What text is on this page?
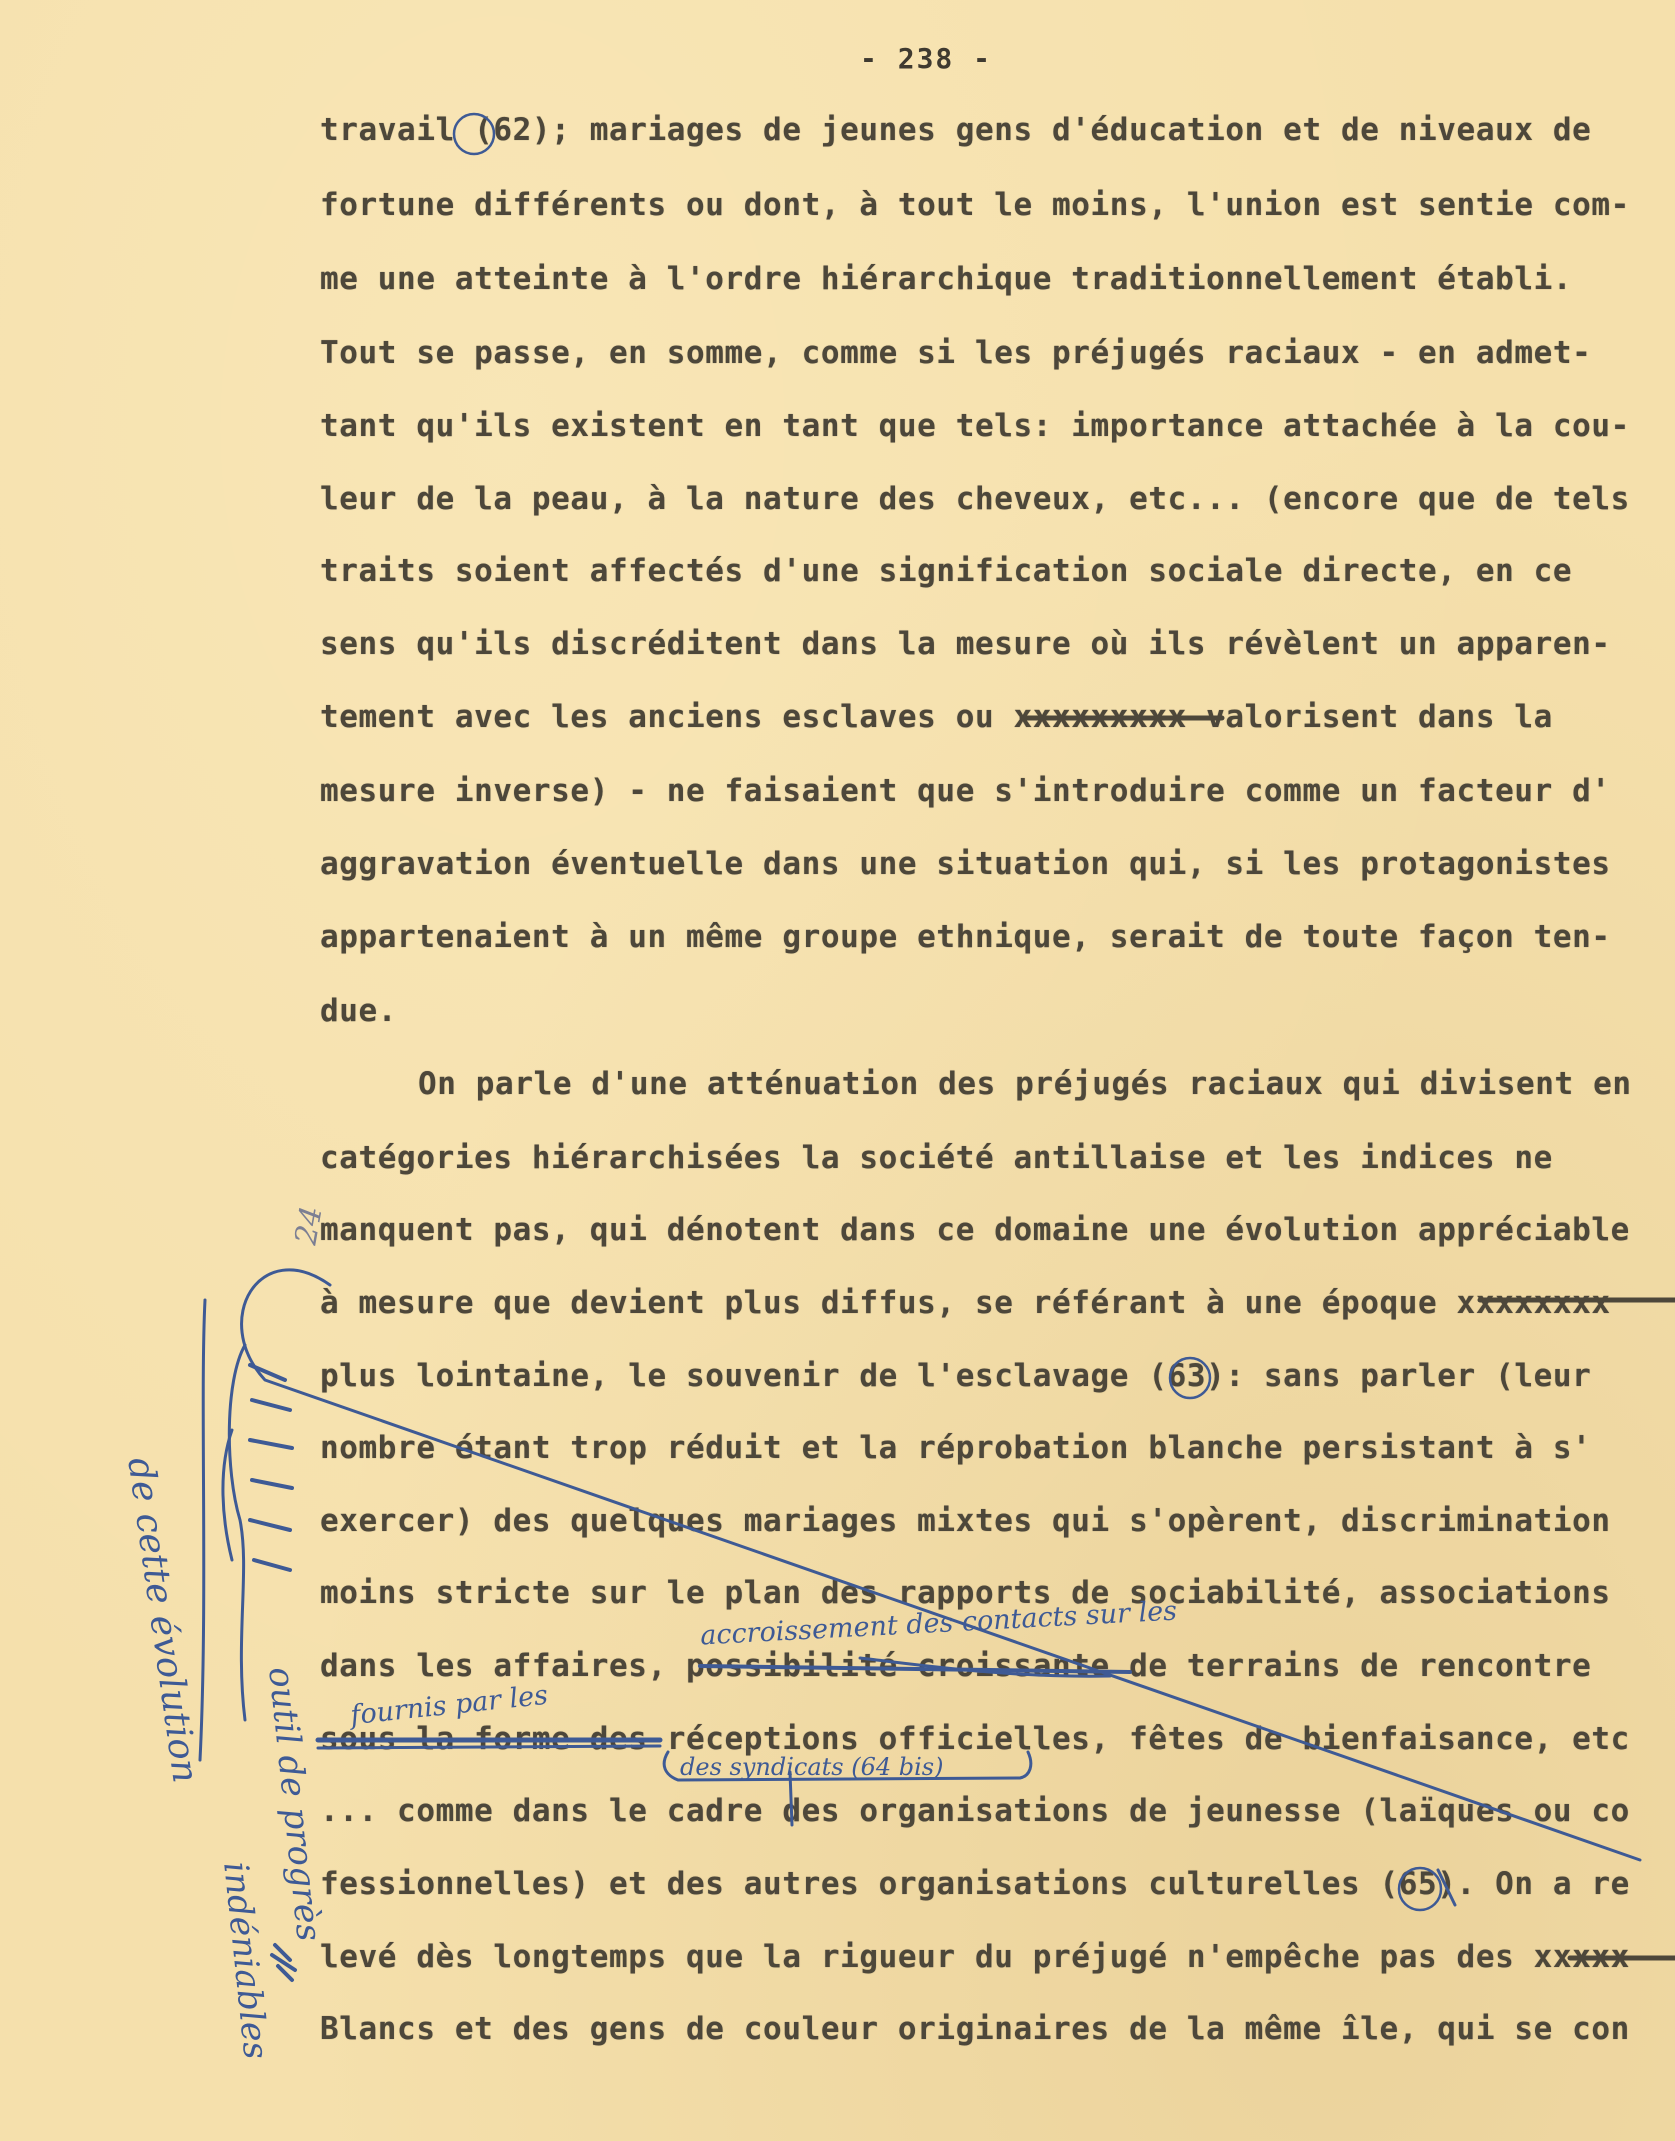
- 238 -
travail (62); mariages de jeunes gens d'éducation et de niveaux de
fortune différents ou dont, à tout le moins, l'union est sentie com-
me une atteinte à l'ordre hiérarchique traditionnellement établi.
Tout se passe, en somme, comme si les préjugés raciaux - en admet-
tant qu'ils existent en tant que tels: importance attachée à la cou-
leur de la peau, à la nature des cheveux, etc... (encore que de tels
traits soient affectés d'une signification sociale directe, en ce
sens qu'ils discréditent dans la mesure où ils révèlent un apparen-
tement avec les anciens esclaves ou xxxxxxxxx valorisent dans la
mesure inverse) - ne faisaient que s'introduire comme un facteur d'
aggravation éventuelle dans une situation qui, si les protagonistes
appartenaient à un même groupe ethnique, serait de toute façon ten-
due.
On parle d'une atténuation des préjugés raciaux qui divisent en
catégories hiérarchisées la société antillaise et les indices ne
manquent pas, qui dénotent dans ce domaine une évolution appréciable
à mesure que devient plus diffus, se référant à une époque xxxxxxxx
plus lointaine, le souvenir de l'esclavage (63): sans parler (leur
nombre étant trop réduit et la réprobation blanche persistant à s'
exercer) des quelques mariages mixtes qui s'opèrent, discrimination
moins stricte sur le plan des rapports de sociabilité, associations
dans les affaires, possibilité croissante de terrains de rencontre
sous la forme des réceptions officielles, fêtes de bienfaisance, etc
... comme dans le cadre des organisations de jeunesse (laïques ou co
fessionnelles) et des autres organisations culturelles (65). On a re
levé dès longtemps que la rigueur du préjugé n'empêche pas des xxxxx
Blancs et des gens de couleur originaires de la même île, qui se con
accroissement des contacts sur les
fournis par les
des syndicats (64 bis)
de cette évolution
outil de progrès
indéniables
24
